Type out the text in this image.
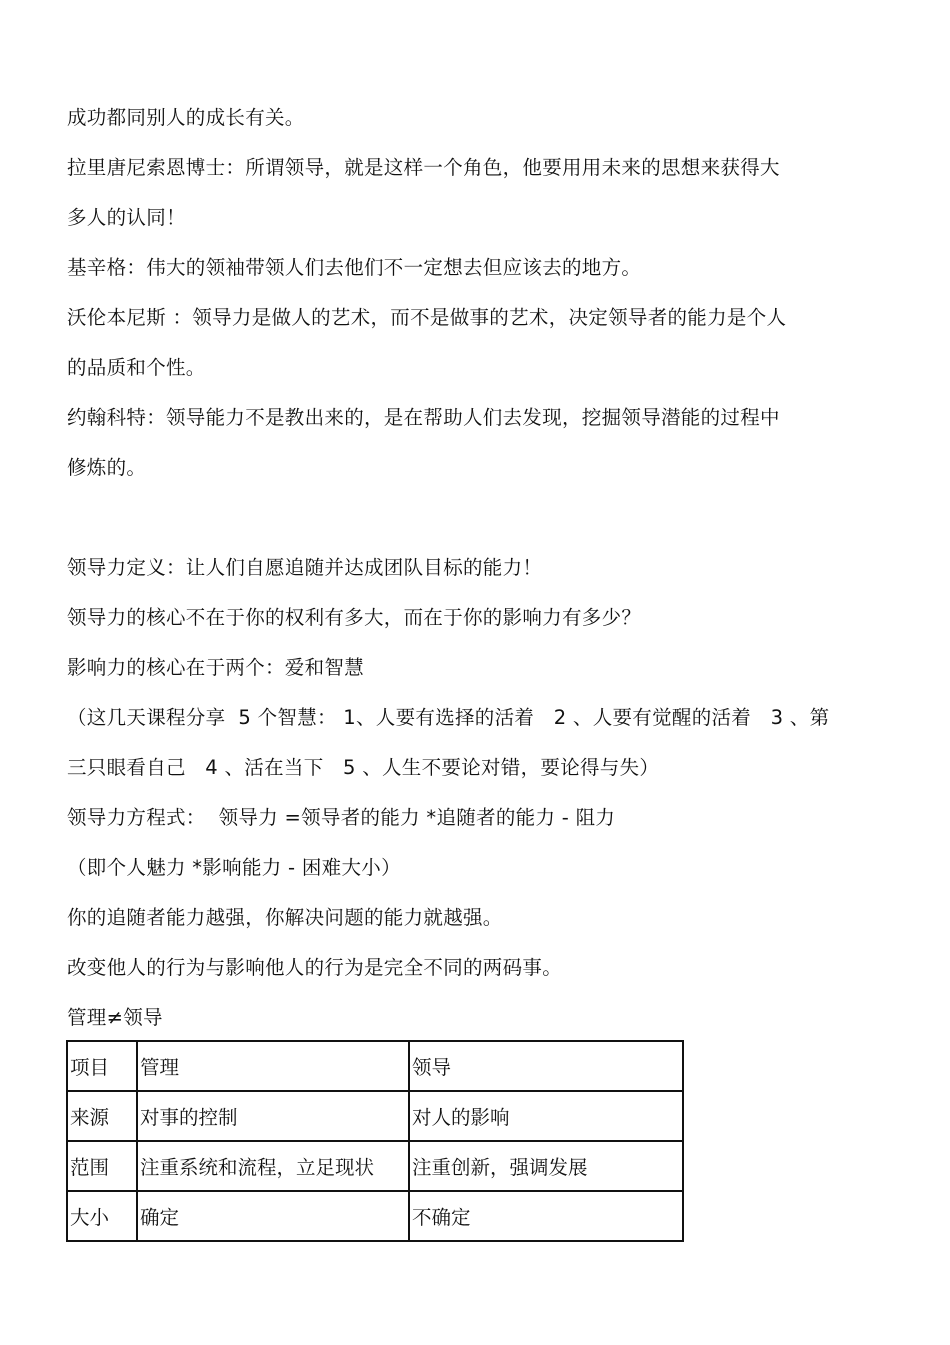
成功都同别人的成长有关。
拉里唐尼索恩博士：所谓领导，就是这样一个角色，他要用用未来的思想来获得大
多人的认同！
基辛格：伟大的领袖带领人们去他们不一定想去但应该去的地方。
沃伦本尼斯 ：领导力是做人的艺术，而不是做事的艺术，决定领导者的能力是个人
的品质和个性。
约翰科特：领导能力不是教出来的，是在帮助人们去发现，挖掘领导潜能的过程中
修炼的。
领导力定义：让人们自愿追随并达成团队目标的能力！
领导力的核心不在于你的权利有多大，而在于你的影响力有多少？
影响力的核心在于两个：爱和智慧
（这几天课程分享  5 个智慧： 1、人要有选择的活着   2 、人要有觉醒的活着   3 、第
三只眼看自己   4 、活在当下   5 、人生不要论对错，要论得与失）
领导力方程式：  领导力 =领导者的能力 *追随者的能力 - 阻力
（即个人魅力 *影响能力 - 困难大小）
你的追随者能力越强，你解决问题的能力就越强。
改变他人的行为与影响他人的行为是完全不同的两码事。
管理≠领导
项目	管理	领导
来源	对事的控制	对人的影响
范围	注重系统和流程，立足现状	注重创新，强调发展
大小	确定	不确定
